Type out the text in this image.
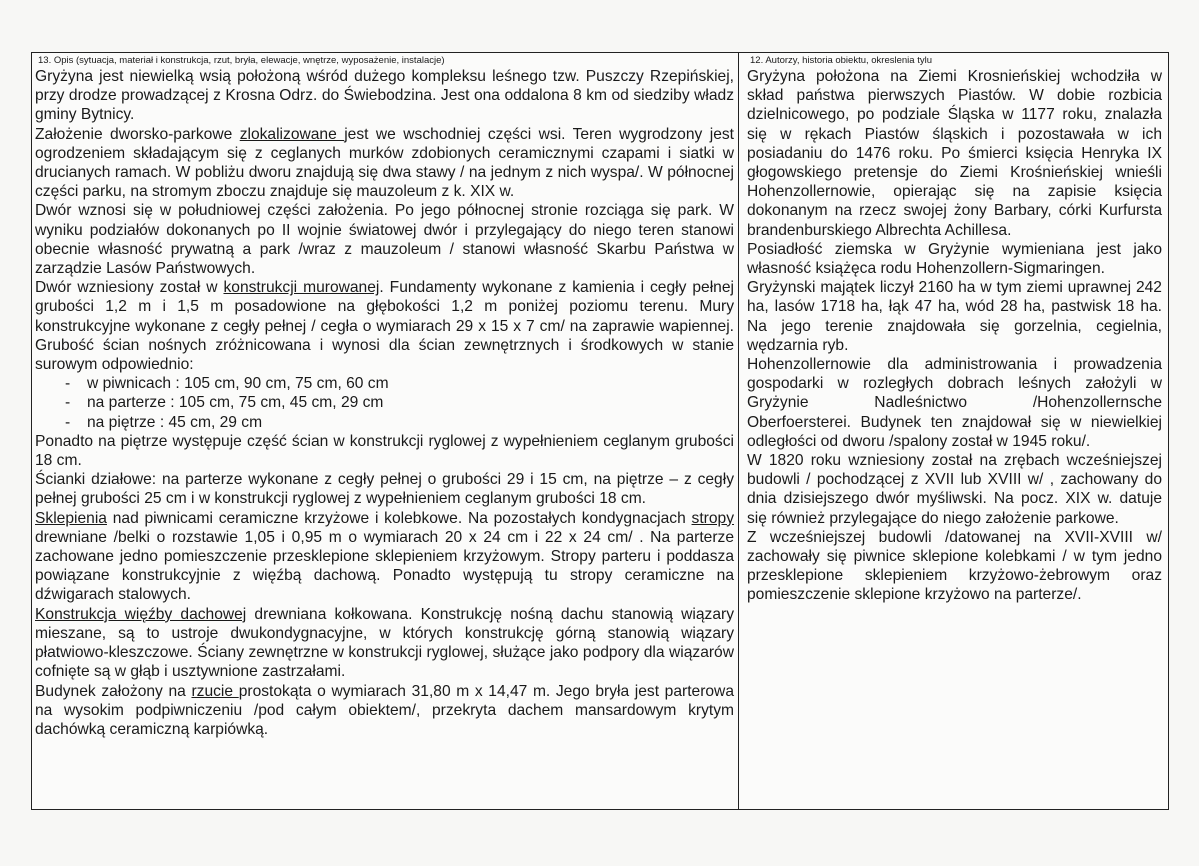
13. Opis (sytuacja, materiał i konstrukcja, rzut, bryła, elewacje, wnętrze, wyposażenie, instalacje)

Gryżyna jest niewielką wsią położoną wśród dużego kompleksu leśnego tzw. Puszczy Rzepińskiej, przy drodze prowadzącej z Krosna Odrz. do Świebodzina. Jest ona oddalona 8 km od siedziby władz gminy Bytnicy.

Założenie dworsko-parkowe zlokalizowane jest we wschodniej części wsi. Teren wygrodzony jest ogrodzeniem składającym się z ceglanych murków zdobionych ceramicznymi czapami i siatki w drucianych ramach. W pobliżu dworu znajdują się dwa stawy / na jednym z nich wyspa/. W północnej części parku, na stromym zboczu znajduje się mauzoleum z k. XIX w.

Dwór wznosi się w południowej części założenia. Po jego północnej stronie rozciąga się park. W wyniku podziałów dokonanych po II wojnie światowej dwór i przylegający do niego teren stanowi obecnie własność prywatną a park /wraz z mauzoleum / stanowi własność Skarbu Państwa w zarządzie Lasów Państwowych.

Dwór wzniesiony został w konstrukcji murowanej. Fundamenty wykonane z kamienia i cegły pełnej grubości 1,2 m i 1,5 m posadowione na głębokości 1,2 m poniżej poziomu terenu. Mury konstrukcyjne wykonane z cegły pełnej / cegła o wymiarach 29 x 15 x 7 cm/ na zaprawie wapiennej. Grubość ścian nośnych zróżnicowana i wynosi dla ścian zewnętrznych i środkowych w stanie surowym odpowiednio:

- w piwnicach : 105 cm, 90 cm, 75 cm, 60 cm
- na parterze : 105 cm, 75 cm, 45 cm, 29 cm
- na piętrze : 45 cm, 29 cm

Ponadto na piętrze występuje część ścian w konstrukcji ryglowej z wypełnieniem ceglanym grubości 18 cm.

Ścianki działowe: na parterze wykonane z cegły pełnej o grubości 29 i 15 cm, na piętrze – z cegły pełnej grubości 25 cm i w konstrukcji ryglowej z wypełnieniem ceglanym grubości 18 cm.

Sklepienia nad piwnicami ceramiczne krzyżowe i kolebkowe. Na pozostałych kondygnacjach stropy drewniane /belki o rozstawie 1,05 i 0,95 m o wymiarach 20 x 24 cm i 22 x 24 cm/ . Na parterze zachowane jedno pomieszczenie przesklepione sklepieniem krzyżowym. Stropy parteru i poddasza powiązane konstrukcyjnie z więźbą dachową. Ponadto występują tu stropy ceramiczne na dźwigarach stalowych.

Konstrukcja więźby dachowej drewniana kołkowana. Konstrukcję nośną dachu stanowią wiązary mieszane, są to ustroje dwukondygnacyjne, w których konstrukcję górną stanowią wiązary płatwiowo-kleszczowe. Ściany zewnętrzne w konstrukcji ryglowej, służące jako podpory dla wiązarów cofnięte są w głąb i usztywnione zastrzałami.

Budynek założony na rzucie prostokąta o wymiarach 31,80 m x 14,47 m. Jego bryła jest parterowa na wysokim podpiwniczeniu /pod całym obiektem/, przekryta dachem mansardowym krytym dachówką ceramiczną karpiówką.

12. Autorzy, historia obiektu, okreslenia tylu

Gryżyna położona na Ziemi Krosnieńskiej wchodziła w skład państwa pierwszych Piastów. W dobie rozbicia dzielnicowego, po podziale Śląska w 1177 roku, znalazła się w rękach Piastów śląskich i pozostawała w ich posiadaniu do 1476 roku. Po śmierci księcia Henryka IX głogowskiego pretensje do Ziemi Krośnieńskiej wnieśli Hohenzollernowie, opierając się na zapisie księcia dokonanym na rzecz swojej żony Barbary, córki Kurfursta brandenburskiego Albrechta Achillesa.

Posiadłość ziemska w Gryżynie wymieniana jest jako własność książęca rodu Hohenzollern-Sigmaringen.

Gryżynski majątek liczył 2160 ha w tym ziemi uprawnej 242 ha, lasów 1718 ha, łąk 47 ha, wód 28 ha, pastwisk 18 ha. Na jego terenie znajdowała się gorzelnia, cegielnia, wędzarnia ryb.

Hohenzollernowie dla administrowania i prowadzenia gospodarki w rozległych dobrach leśnych założyli w Gryżynie Nadleśnictwo /Hohenzollernsche

Oberfoersterei. Budynek ten znajdował się w niewielkiej odległości od dworu /spalony został w 1945 roku/.

W 1820 roku wzniesiony został na zrębach wcześniejszej budowli / pochodzącej z XVII lub XVIII w/ , zachowany do dnia dzisiejszego dwór myśliwski. Na pocz. XIX w. datuje się również przylegające do niego założenie parkowe.

Z wcześniejszej budowli /datowanej na XVII-XVIII w/ zachowały się piwnice sklepione kolebkami / w tym jedno przesklepione sklepieniem krzyżowo-żebrowym oraz pomieszczenie sklepione krzyżowo na parterze/.
